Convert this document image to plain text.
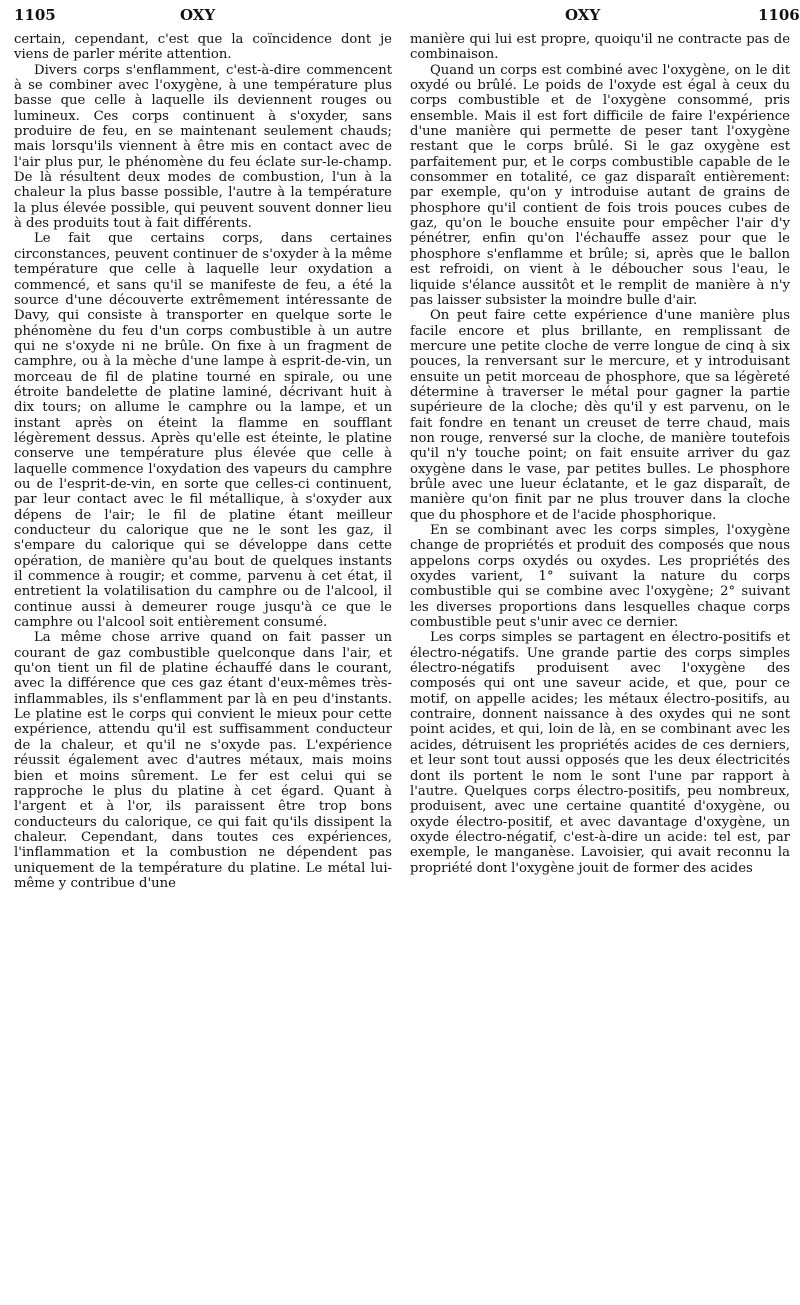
1105	OXY	OXY	1106

certain, cependant, c'est que la coïncidence dont je viens de parler mérite attention.

Divers corps s'enflamment, c'est-à-dire commencent à se combiner avec l'oxygène, à une température plus basse que celle à laquelle ils deviennent rouges ou lumineux. Ces corps continuent à s'oxyder, sans produire de feu, en se maintenant seulement chauds; mais lorsqu'ils viennent à être mis en contact avec de l'air plus pur, le phénomène du feu éclate sur-le-champ. De là résultent deux modes de combustion, l'un à la chaleur la plus basse possible, l'autre à la température la plus élevée possible, qui peuvent souvent donner lieu à des produits tout à fait différents.

Le fait que certains corps, dans certaines circonstances, peuvent continuer de s'oxyder à la même température que celle à laquelle leur oxydation a commencé, et sans qu'il se manifeste de feu, a été la source d'une découverte extrêmement intéressante de Davy, qui consiste à transporter en quelque sorte le phénomène du feu d'un corps combustible à un autre qui ne s'oxyde ni ne brûle. On fixe à un fragment de camphre, ou à la mèche d'une lampe à esprit-de-vin, un morceau de fil de platine tourné en spirale, ou une étroite bandelette de platine laminé, décrivant huit à dix tours; on allume le camphre ou la lampe, et un instant après on éteint la flamme en soufflant légèrement dessus. Après qu'elle est éteinte, le platine conserve une température plus élevée que celle à laquelle commence l'oxydation des vapeurs du camphre ou de l'esprit-de-vin, en sorte que celles-ci continuent, par leur contact avec le fil métallique, à s'oxyder aux dépens de l'air; le fil de platine étant meilleur conducteur du calorique que ne le sont les gaz, il s'empare du calorique qui se développe dans cette opération, de manière qu'au bout de quelques instants il commence à rougir; et comme, parvenu à cet état, il entretient la volatilisation du camphre ou de l'alcool, il continue aussi à demeurer rouge jusqu'à ce que le camphre ou l'alcool soit entièrement consumé.

La même chose arrive quand on fait passer un courant de gaz combustible quelconque dans l'air, et qu'on tient un fil de platine échauffé dans le courant, avec la différence que ces gaz étant d'eux-mêmes très-inflammables, ils s'enflamment par là en peu d'instants. Le platine est le corps qui convient le mieux pour cette expérience, attendu qu'il est suffisamment conducteur de la chaleur, et qu'il ne s'oxyde pas. L'expérience réussit également avec d'autres métaux, mais moins bien et moins sûrement. Le fer est celui qui se rapproche le plus du platine à cet égard. Quant à l'argent et à l'or, ils paraissent être trop bons conducteurs du calorique, ce qui fait qu'ils dissipent la chaleur. Cependant, dans toutes ces expériences, l'inflammation et la combustion ne dépendent pas uniquement de la température du platine. Le métal lui-même y contribue d'une

manière qui lui est propre, quoiqu'il ne contracte pas de combinaison.

Quand un corps est combiné avec l'oxygène, on le dit oxydé ou brûlé. Le poids de l'oxyde est égal à ceux du corps combustible et de l'oxygène consommé, pris ensemble. Mais il est fort difficile de faire l'expérience d'une manière qui permette de peser tant l'oxygène restant que le corps brûlé. Si le gaz oxygène est parfaitement pur, et le corps combustible capable de le consommer en totalité, ce gaz disparaît entièrement: par exemple, qu'on y introduise autant de grains de phosphore qu'il contient de fois trois pouces cubes de gaz, qu'on le bouche ensuite pour empêcher l'air d'y pénétrer, enfin qu'on l'échauffe assez pour que le phosphore s'enflamme et brûle; si, après que le ballon est refroidi, on vient à le déboucher sous l'eau, le liquide s'élance aussitôt et le remplit de manière à n'y pas laisser subsister la moindre bulle d'air.

On peut faire cette expérience d'une manière plus facile encore et plus brillante, en remplissant de mercure une petite cloche de verre longue de cinq à six pouces, la renversant sur le mercure, et y introduisant ensuite un petit morceau de phosphore, que sa légèreté détermine à traverser le métal pour gagner la partie supérieure de la cloche; dès qu'il y est parvenu, on le fait fondre en tenant un creuset de terre chaud, mais non rouge, renversé sur la cloche, de manière toutefois qu'il n'y touche point; on fait ensuite arriver du gaz oxygène dans le vase, par petites bulles. Le phosphore brûle avec une lueur éclatante, et le gaz disparaît, de manière qu'on finit par ne plus trouver dans la cloche que du phosphore et de l'acide phosphorique.

En se combinant avec les corps simples, l'oxygène change de propriétés et produit des composés que nous appelons corps oxydés ou oxydes. Les propriétés des oxydes varient, 1° suivant la nature du corps combustible qui se combine avec l'oxygène; 2° suivant les diverses proportions dans lesquelles chaque corps combustible peut s'unir avec ce dernier.

Les corps simples se partagent en électro-positifs et électro-négatifs. Une grande partie des corps simples électro-négatifs produisent avec l'oxygène des composés qui ont une saveur acide, et que, pour ce motif, on appelle acides; les métaux électro-positifs, au contraire, donnent naissance à des oxydes qui ne sont point acides, et qui, loin de là, en se combinant avec les acides, détruisent les propriétés acides de ces derniers, et leur sont tout aussi opposés que les deux électricités dont ils portent le nom le sont l'une par rapport à l'autre. Quelques corps électro-positifs, peu nombreux, produisent, avec une certaine quantité d'oxygène, ou oxyde électro-positif, et avec davantage d'oxygène, un oxyde électro-négatif, c'est-à-dire un acide: tel est, par exemple, le manganèse. Lavoisier, qui avait reconnu la propriété dont l'oxygène jouit de former des acides
